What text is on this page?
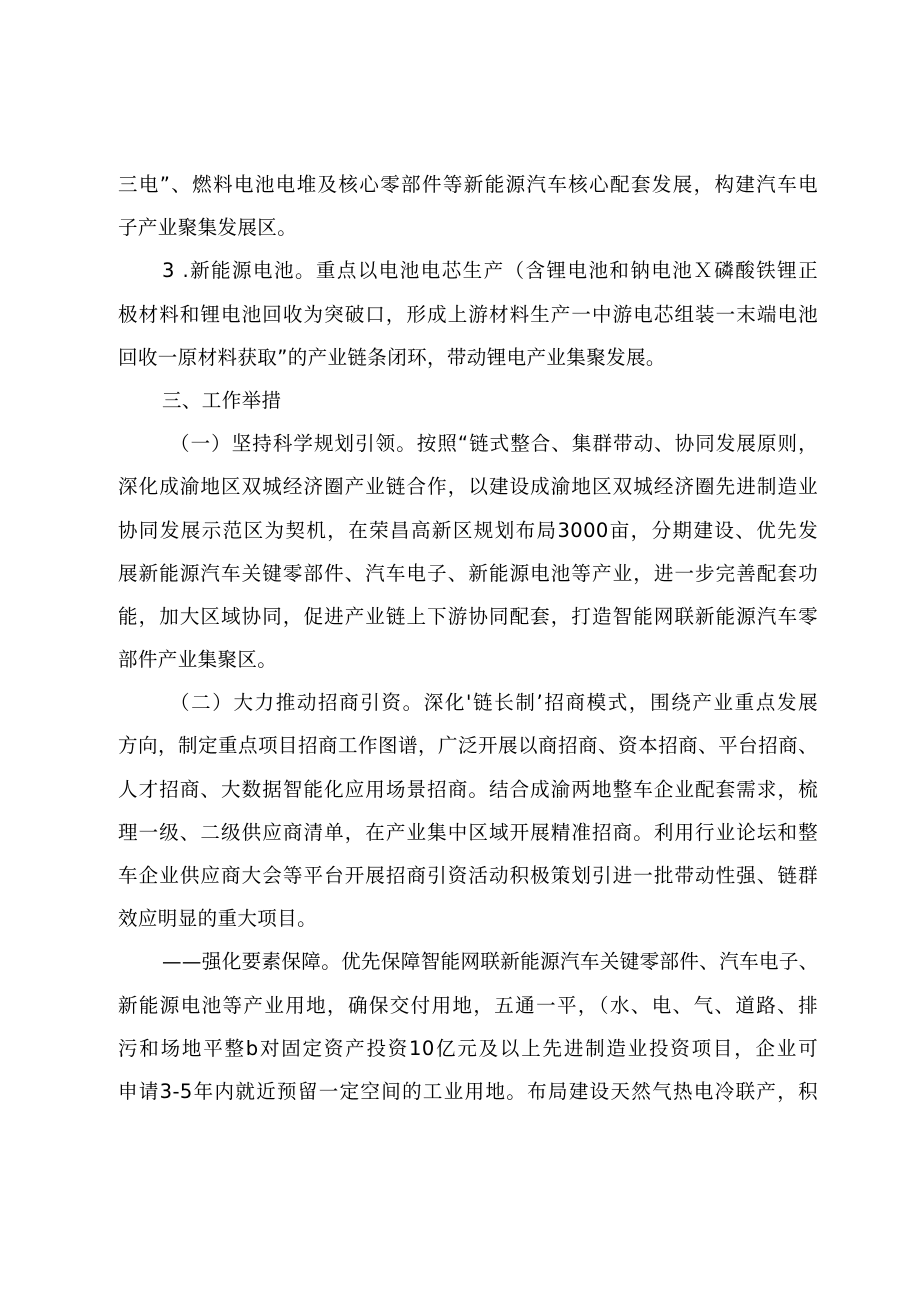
三电”、燃料电池电堆及核心零部件等新能源汽车核心配套发展，构建汽车电
子产业聚集发展区。
3 .新能源电池。重点以电池电芯生产（含锂电池和钠电池Ｘ磷酸铁锂正
极材料和锂电池回收为突破口，形成上游材料生产一中游电芯组装一末端电池
回收一原材料获取”的产业链条闭环，带动锂电产业集聚发展。
三、工作举措
（一）坚持科学规划引领。按照“链式整合、集群带动、协同发展原则，
深化成渝地区双城经济圈产业链合作，以建设成渝地区双城经济圈先进制造业
协同发展示范区为契机，在荣昌高新区规划布局3000亩，分期建设、优先发
展新能源汽车关键零部件、汽车电子、新能源电池等产业，进一步完善配套功
能，加大区域协同，促进产业链上下游协同配套，打造智能网联新能源汽车零
部件产业集聚区。
（二）大力推动招商引资。深化'链长制’招商模式，围绕产业重点发展
方向，制定重点项目招商工作图谱，广泛开展以商招商、资本招商、平台招商、
人才招商、大数据智能化应用场景招商。结合成渝两地整车企业配套需求，梳
理一级、二级供应商清单，在产业集中区域开展精准招商。利用行业论坛和整
车企业供应商大会等平台开展招商引资活动积极策划引进一批带动性强、链群
效应明显的重大项目。
——强化要素保障。优先保障智能网联新能源汽车关键零部件、汽车电子、
新能源电池等产业用地，确保交付用地，五通一平，（水、电、气、道路、排
污和场地平整b对固定资产投资10亿元及以上先进制造业投资项目，企业可
申请3-5年内就近预留一定空间的工业用地。布局建设天然气热电冷联产，积
